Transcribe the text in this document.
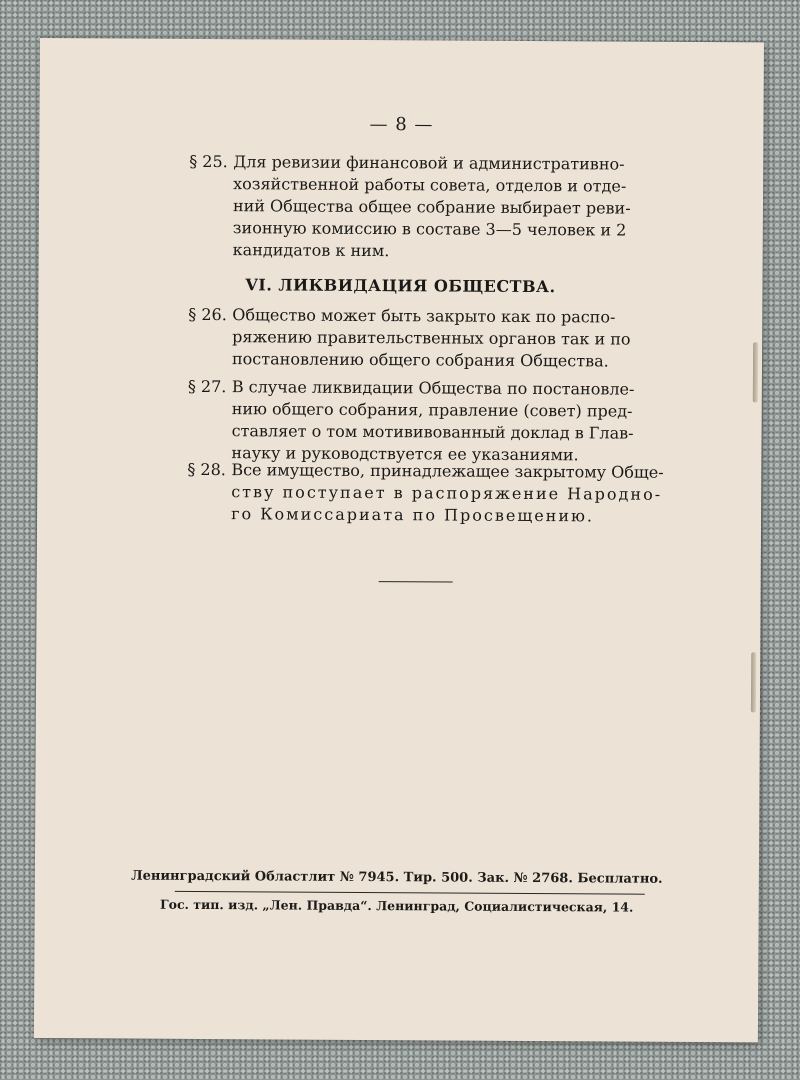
— 8 —
§ 25. Для ревизии финансовой и административно-
хозяйственной работы совета, отделов и отде-
ний Общества общее собрание выбирает реви-
зионную комиссию в составе 3—5 человек и 2
кандидатов к ним.
VI. ЛИКВИДАЦИЯ ОБЩЕСТВА.
§ 26. Общество может быть закрыто как по распо-
ряжению правительственных органов так и по
постановлению общего собрания Общества.
§ 27. В случае ликвидации Общества по постановле-
нию общего собрания, правление (совет) пред-
ставляет о том мотививованный доклад в Глав-
науку и руководствуется ее указаниями.
§ 28. Все имущество, принадлежащее закрытому Обще-
ству поступает в распоряжение Народно-
го Комиссариата по Просвещению.
Ленинградский Областлит № 7945. Тир. 500. Зак. № 2768. Бесплатно.
Гос. тип. изд. „Лен. Правда“. Ленинград, Социалистическая, 14.
